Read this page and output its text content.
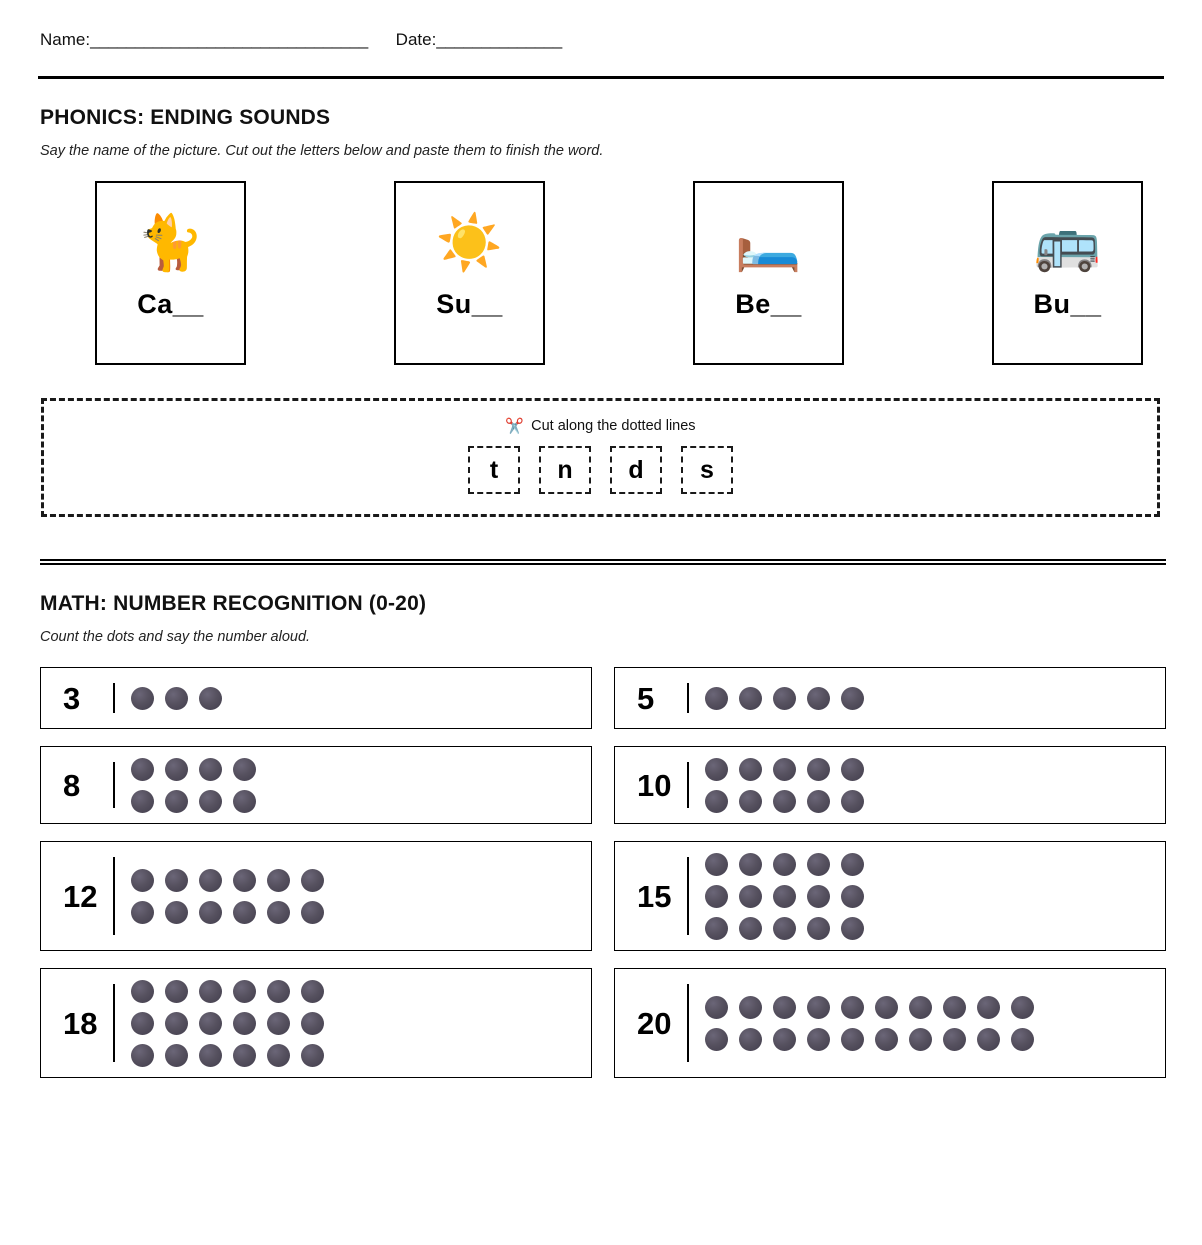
Name: _______________________________ Date: ______________
PHONICS: ENDING SOUNDS
Say the name of the picture. Cut out the letters below and paste them to finish the word.
🐈
Ca__
☀️
Su__
🛏️
Be__
🚌
Bu__
✂️ Cut along the dotted lines
t	n	d	s
MATH: NUMBER RECOGNITION (0-20)
Count the dots and say the number aloud.
3	5
8	10
12	15
18	20
